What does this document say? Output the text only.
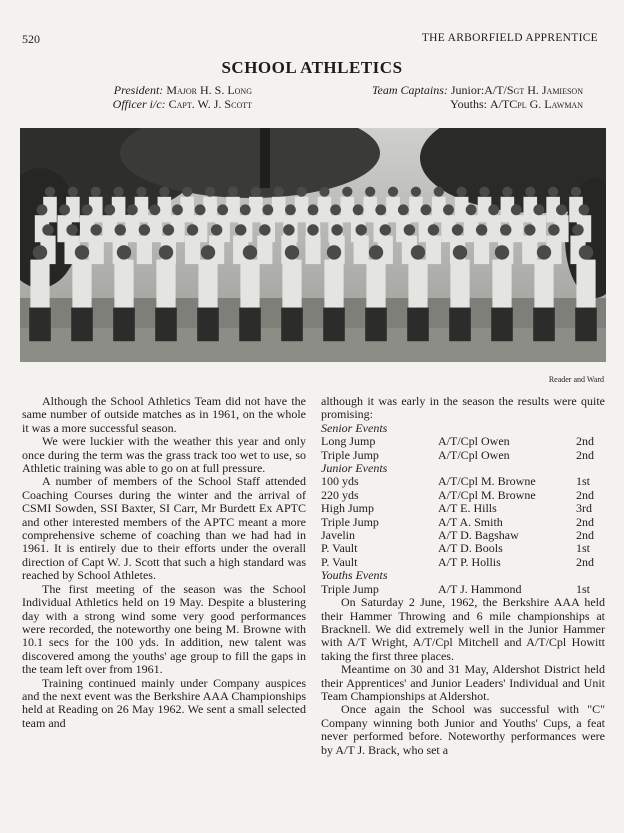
520	THE ARBORFIELD APPRENTICE
SCHOOL ATHLETICS
President: Major H. S. Long
Officer i/c: Capt. W. J. Scott
Team Captains: Junior:A/T/Sgt H. Jamieson
Youths: A/TCpl G. Lawman
Reader and Ward

Although the School Athletics Team did not have the same number of outside matches as in 1961, on the whole it was a more successful season.

We were luckier with the weather this year and only once during the term was the grass track too wet to use, so Athletic training was able to go on at full pressure.

A number of members of the School Staff attended Coaching Courses during the winter and the arrival of CSMI Sowden, SSI Baxter, SI Carr, Mr Burdett Ex APTC and other interested members of the APTC meant a more comprehensive scheme of coaching than we had had in 1961. It is entirely due to their efforts under the overall direction of Capt W. J. Scott that such a high standard was reached by School Athletes.

The first meeting of the season was the School Individual Athletics held on 19 May. Despite a blustering day with a strong wind some very good performances were recorded, the noteworthy one being M. Browne with 10.1 secs for the 100 yds. In addition, new talent was discovered among the youths' age group to fill the gaps in the team left over from 1961.

Training continued mainly under Company auspices and the next event was the Berkshire AAA Championships held at Reading on 26 May 1962. We sent a small selected team and

although it was early in the season the results were quite promising:

Senior Events
Long Jump	A/T/Cpl Owen	2nd
Triple Jump	A/T/Cpl Owen	2nd
Junior Events
100 yds	A/T/Cpl M. Browne	1st
220 yds	A/T/Cpl M. Browne	2nd
High Jump	A/T E. Hills	3rd
Triple Jump	A/T A. Smith	2nd
Javelin	A/T D. Bagshaw	2nd
P. Vault	A/T D. Bools	1st
P. Vault	A/T P. Hollis	2nd
Youths Events
Triple Jump	A/T J. Hammond	1st

On Saturday 2 June, 1962, the Berkshire AAA held their Hammer Throwing and 6 mile championships at Bracknell. We did extremely well in the Junior Hammer with A/T Wright, A/T/Cpl Mitchell and A/T/Cpl Howitt taking the first three places.

Meantime on 30 and 31 May, Aldershot District held their Apprentices' and Junior Leaders' Individual and Unit Team Championships at Aldershot.

Once again the School was successful with "C" Company winning both Junior and Youths' Cups, a feat never performed before. Noteworthy performances were by A/T J. Brack, who set a
